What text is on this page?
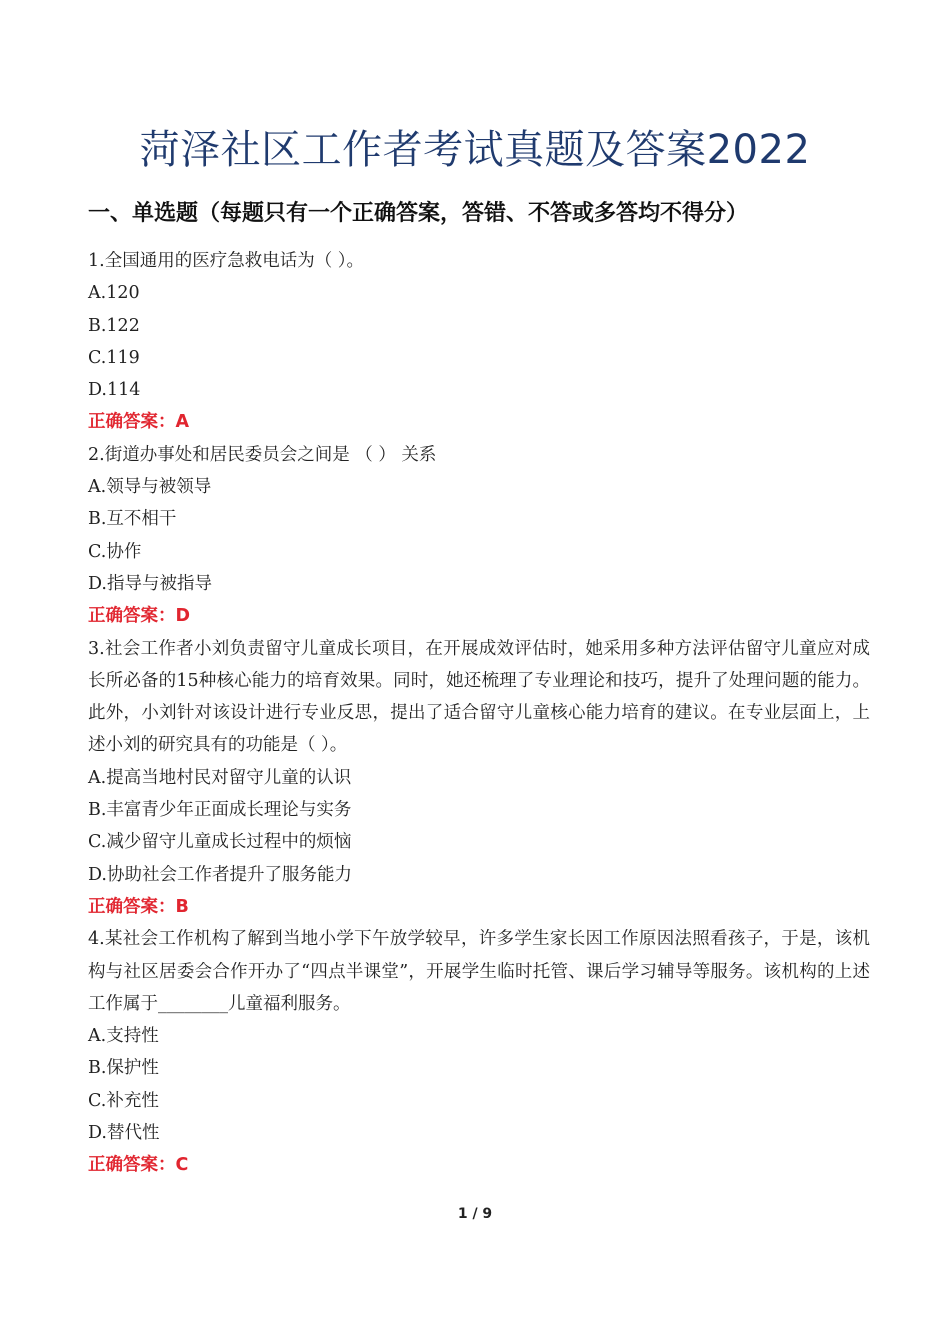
菏泽社区工作者考试真题及答案2022
一、单选题（每题只有一个正确答案，答错、不答或多答均不得分）
1.全国通用的医疗急救电话为（ ）。
A.120
B.122
C.119
D.114
正确答案：A
2.街道办事处和居民委员会之间是 （ ） 关系
A.领导与被领导
B.互不相干
C.协作
D.指导与被指导
正确答案：D
3.社会工作者小刘负责留守儿童成长项目，在开展成效评估时，她采用多种方法评估留守儿童应对成长所必备的15种核心能力的培育效果。同时，她还梳理了专业理论和技巧，提升了处理问题的能力。此外，小刘针对该设计进行专业反思，提出了适合留守儿童核心能力培育的建议。在专业层面上，上述小刘的研究具有的功能是（ ）。
A.提高当地村民对留守儿童的认识
B.丰富青少年正面成长理论与实务
C.减少留守儿童成长过程中的烦恼
D.协助社会工作者提升了服务能力
正确答案：B
4.某社会工作机构了解到当地小学下午放学较早，许多学生家长因工作原因法照看孩子，于是，该机构与社区居委会合作开办了“四点半课堂”，开展学生临时托管、课后学习辅导等服务。该机构的上述工作属于________儿童福利服务。
A.支持性
B.保护性
C.补充性
D.替代性
正确答案：C
1 / 9
